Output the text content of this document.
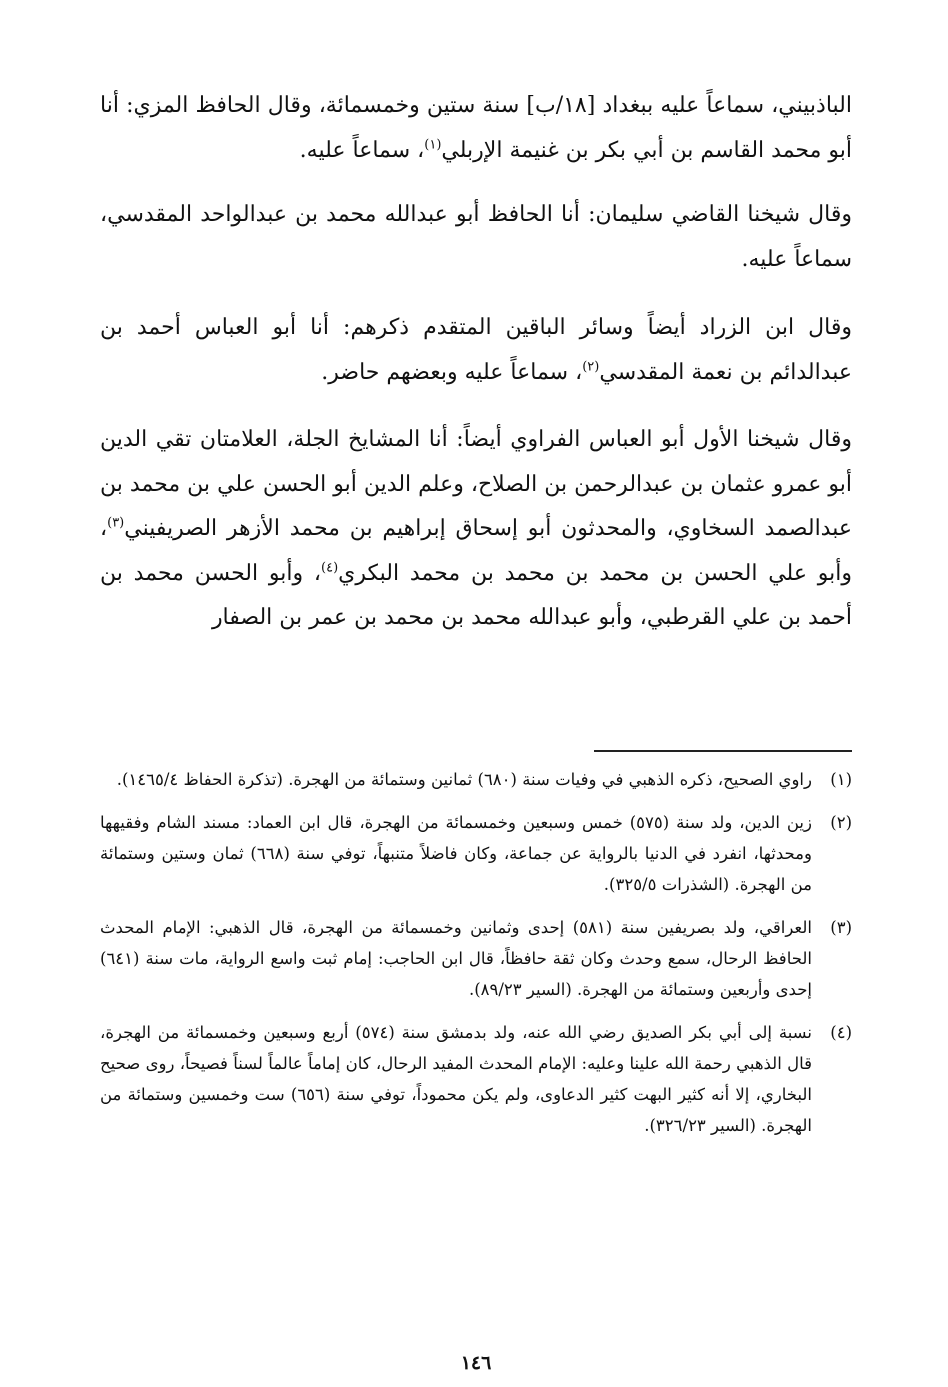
الباذبيني، سماعاً عليه ببغداد [١٨/ب] سنة ستين وخمسمائة، وقال الحافظ المزي: أنا أبو محمد القاسم بن أبي بكر بن غنيمة الإربلي$^{(١)}$، سماعاً عليه.

وقال شيخنا القاضي سليمان: أنا الحافظ أبو عبدالله محمد بن عبدالواحد المقدسي، سماعاً عليه.

وقال ابن الزراد أيضاً وسائر الباقين المتقدم ذكرهم: أنا أبو العباس أحمد بن عبدالدائم بن نعمة المقدسي$^{(٢)}$، سماعاً عليه وبعضهم حاضر.

وقال شيخنا الأول أبو العباس الفراوي أيضاً: أنا المشايخ الجلة، العلامتان تقي الدين أبو عمرو عثمان بن عبدالرحمن بن الصلاح، وعلم الدين أبو الحسن علي بن محمد بن عبدالصمد السخاوي، والمحدثون أبو إسحاق إبراهيم بن محمد الأزهر الصريفيني$^{(٣)}$، وأبو علي الحسن بن محمد بن محمد بن محمد البكري$^{(٤)}$، وأبو الحسن محمد بن أحمد بن علي القرطبي، وأبو عبدالله محمد بن محمد بن عمر بن الصفار

(١)
راوي الصحيح، ذكره الذهبي في وفيات سنة (٦٨٠) ثمانين وستمائة من الهجرة. (تذكرة الحفاظ ١٤٦٥/٤).
(٢)
زين الدين، ولد سنة (٥٧٥) خمس وسبعين وخمسمائة من الهجرة، قال ابن العماد: مسند الشام وفقيهها ومحدثها، انفرد في الدنيا بالرواية عن جماعة، وكان فاضلاً متنبهاً، توفي سنة (٦٦٨) ثمان وستين وستمائة من الهجرة. (الشذرات ٣٢٥/٥).
(٣)
العراقي، ولد بصريفين سنة (٥٨١) إحدى وثمانين وخمسمائة من الهجرة، قال الذهبي: الإمام المحدث الحافظ الرحال، سمع وحدث وكان ثقة حافظاً، قال ابن الحاجب: إمام ثبت واسع الرواية، مات سنة (٦٤١) إحدى وأربعين وستمائة من الهجرة. (السير ٨٩/٢٣).
(٤)
نسبة إلى أبي بكر الصديق رضي الله عنه، ولد بدمشق سنة (٥٧٤) أربع وسبعين وخمسمائة من الهجرة، قال الذهبي رحمة الله علينا وعليه: الإمام المحدث المفيد الرحال، كان إماماً عالماً لسناً فصيحاً، روى صحيح البخاري، إلا أنه كثير البهت كثير الدعاوى، ولم يكن محموداً، توفي سنة (٦٥٦) ست وخمسين وستمائة من الهجرة. (السير ٣٢٦/٢٣).
١٤٦
